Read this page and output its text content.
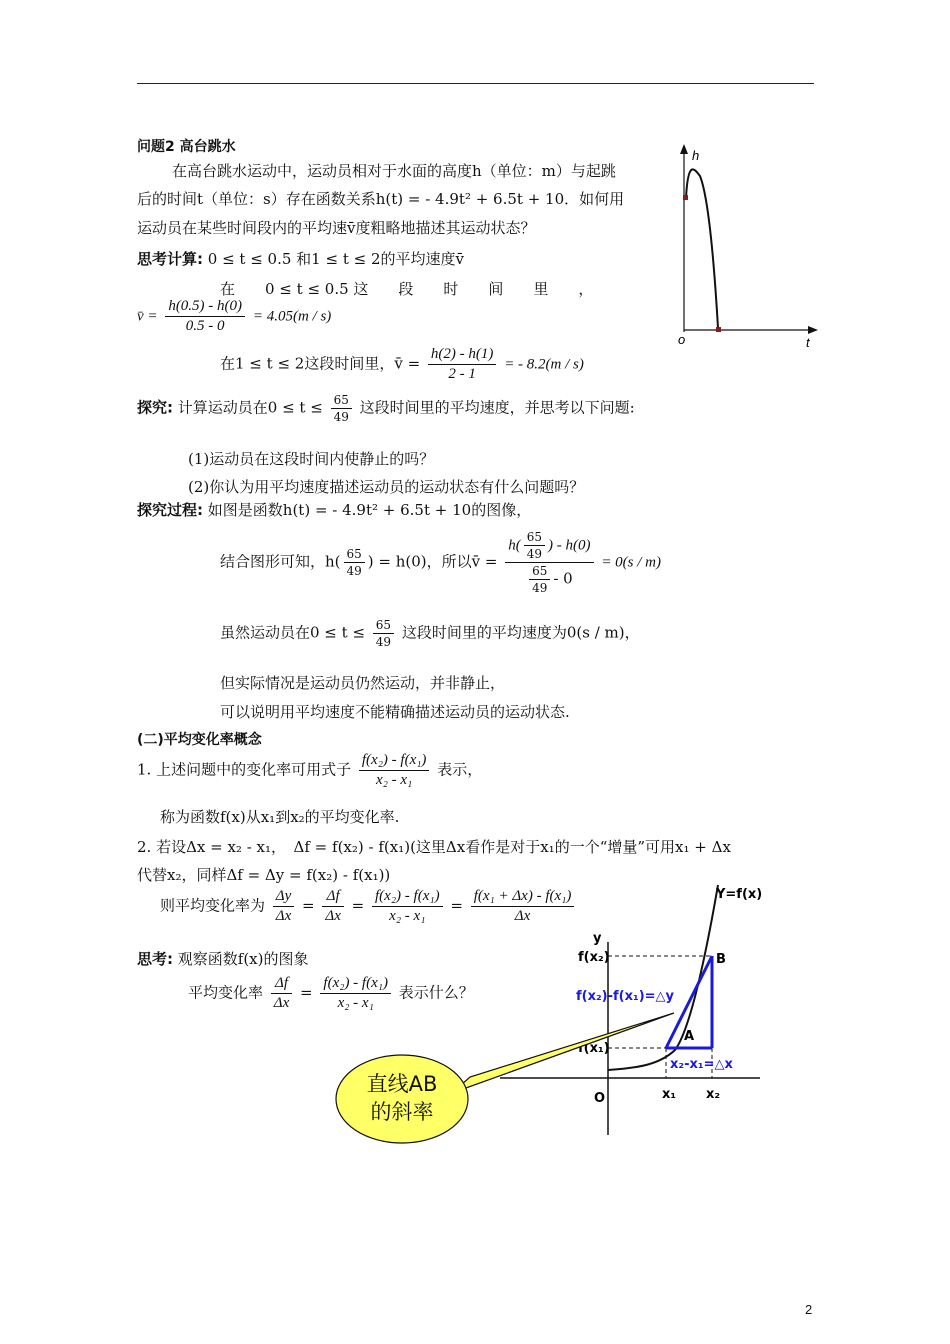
问题2 高台跳水
在高台跳水运动中，运动员相对于水面的高度h（单位：m）与起跳
后的时间t（单位：s）存在函数关系h(t) = - 4.9t² + 6.5t + 10．如何用
运动员在某些时间段内的平均速v̄度粗略地描述其运动状态？
h
t
o
思考计算: 0 ≤ t ≤ 0.5 和1 ≤ t ≤ 2的平均速度v̄
在　　0 ≤ t ≤ 0.5 这　　段　　时　　间　　里　　，
v̄ = $\frac{h(0.5) - h(0)}{0.5 - 0} = 4.05(m / s)$
在1 ≤ t ≤ 2这段时间里，v̄ = $\frac{h(2) - h(1)}{2 - 1}$ = - 8.2(m / s)
探究: 计算运动员在$0 \le t \le \frac{65}{49}$ 这段时间里的平均速度，并思考以下问题:
(1)运动员在这段时间内使静止的吗？
(2)你认为用平均速度描述运动员的运动状态有什么问题吗？
探究过程: 如图是函数h(t) = - 4.9t² + 6.5t + 10的图像，
结合图形可知，$h( \frac{65}{49}$ ) = h(0)，所以v̄ = $\frac{h( \frac{65}{49} ) - h(0)}{\frac{65}{49} - 0} = 0(s / m)$
虽然运动员在$0 \le t \le \frac{65}{49}$ 这段时间里的平均速度为0(s / m)，
但实际情况是运动员仍然运动，并非静止，
可以说明用平均速度不能精确描述运动员的运动状态.
(二)平均变化率概念
1. 上述问题中的变化率可用式子 $\frac{\text{f(x₂) - f(x₁)}}{\text{x₂ - x₁}}$ 表示，
称为函数f(x)从x₁到x₂的平均变化率.
2. 若设Δx = x₂ - x₁，　Δf = f(x₂) - f(x₁)(这里Δx看作是对于x₁的一个“增量”可用x₁ + Δx
代替x₂，同样Δf = Δy = f(x₂) - f(x₁))
则平均变化率为 $\frac{\Delta y}{\Delta x} = \frac{\Delta f}{\Delta x} = \frac{\text{f(x₂) - f(x₁)}}{\text{x₂ - x₁}} = \frac{\text{f(x₁ + Δx) - f(x₁)}}{\Delta x}$
思考: 观察函数f(x)的图象
平均变化率 $\frac{\Delta f}{\Delta x} = \frac{\text{f(x₂) - f(x₁)}}{\text{x₂ - x₁}}$ 表示什么？
Y=f(x)
y
O
f(x₂)
f(x₁)
B
A
x₁ x₂
f(x₂)-f(x₁)=△y
x₂-x₁=△x
直线AB
的斜率
2
